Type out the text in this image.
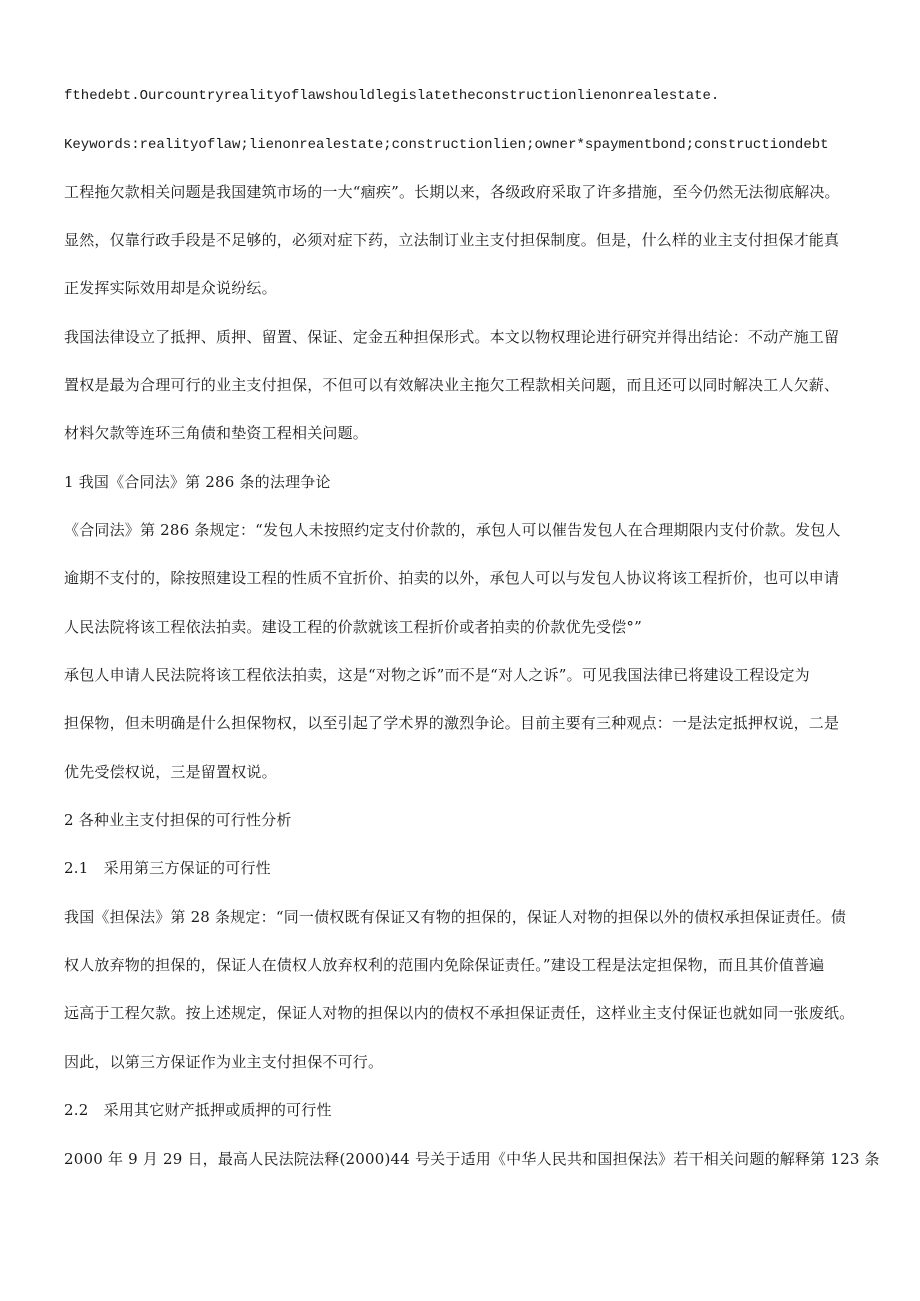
fthedebt.Ourcountryrealityoflawshouldlegislatetheconstructionlienonrealestate.
Keywords:realityoflaw;lienonrealestate;constructionlien;owner*spaymentbond;constructiondebt
工程拖欠款相关问题是我国建筑市场的一大“痼疾”。长期以来，各级政府采取了许多措施，至今仍然无法彻底解决。
显然，仅靠行政手段是不足够的，必须对症下药，立法制订业主支付担保制度。但是，什么样的业主支付担保才能真
正发挥实际效用却是众说纷纭。
我国法律设立了抵押、质押、留置、保证、定金五种担保形式。本文以物权理论进行研究并得出结论：不动产施工留
置权是最为合理可行的业主支付担保，不但可以有效解决业主拖欠工程款相关问题，而且还可以同时解决工人欠薪、
材料欠款等连环三角债和垫资工程相关问题。
1 我国《合同法》第 286 条的法理争论
《合同法》第 286 条规定：“发包人未按照约定支付价款的，承包人可以催告发包人在合理期限内支付价款。发包人
逾期不支付的，除按照建设工程的性质不宜折价、拍卖的以外，承包人可以与发包人协议将该工程折价，也可以申请
人民法院将该工程依法拍卖。建设工程的价款就该工程折价或者拍卖的价款优先受偿°”
承包人申请人民法院将该工程依法拍卖，这是“对物之诉”而不是“对人之诉”。可见我国法律已将建设工程设定为
担保物，但未明确是什么担保物权，以至引起了学术界的激烈争论。目前主要有三种观点：一是法定抵押权说，二是
优先受偿权说，三是留置权说。
2 各种业主支付担保的可行性分析
2.1　采用第三方保证的可行性
我国《担保法》第 28 条规定：“同一债权既有保证又有物的担保的，保证人对物的担保以外的债权承担保证责任。债
权人放弃物的担保的，保证人在债权人放弃权利的范围内免除保证责任。”建设工程是法定担保物，而且其价值普遍
远高于工程欠款。按上述规定，保证人对物的担保以内的债权不承担保证责任，这样业主支付保证也就如同一张废纸。
因此，以第三方保证作为业主支付担保不可行。
2.2　采用其它财产抵押或质押的可行性
2000 年 9 月 29 日，最高人民法院法释(2000)44 号关于适用《中华人民共和国担保法》若干相关问题的解释第 123 条
